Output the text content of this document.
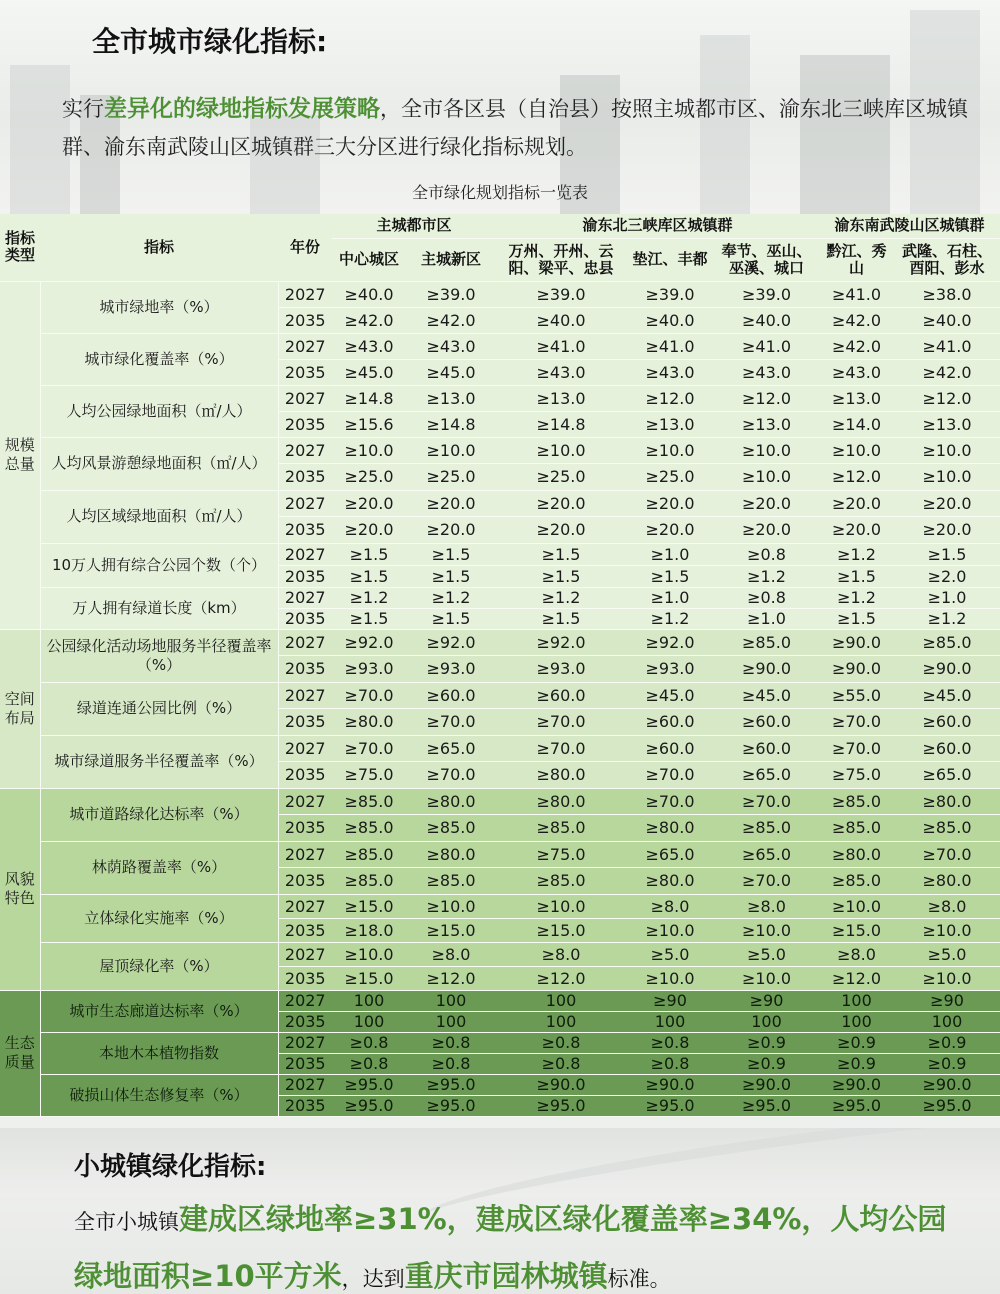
全市城市绿化指标:

实行差异化的绿地指标发展策略，全市各区县（自治县）按照主城都市区、渝东北三峡库区城镇群、渝东南武陵山区城镇群三大分区进行绿化指标规划。

全市绿化规划指标一览表
指标类型	指标	年份	主城都市区		渝东北三峡库区城镇群			渝东南武陵山区城镇群	
			中心城区	主城新区	万州、开州、云阳、梁平、忠县	垫江、丰都	奉节、巫山、巫溪、城口	黔江、秀山	武隆、石柱、酉阳、彭水
规模总量	城市绿地率（%）	2027	≥40.0	≥39.0	≥39.0	≥39.0	≥39.0	≥41.0	≥38.0
		2035	≥42.0	≥42.0	≥40.0	≥40.0	≥40.0	≥42.0	≥40.0
	城市绿化覆盖率（%）	2027	≥43.0	≥43.0	≥41.0	≥41.0	≥41.0	≥42.0	≥41.0
		2035	≥45.0	≥45.0	≥43.0	≥43.0	≥43.0	≥43.0	≥42.0
	人均公园绿地面积（㎡/人）	2027	≥14.8	≥13.0	≥13.0	≥12.0	≥12.0	≥13.0	≥12.0
		2035	≥15.6	≥14.8	≥14.8	≥13.0	≥13.0	≥14.0	≥13.0
	人均风景游憩绿地面积（㎡/人）	2027	≥10.0	≥10.0	≥10.0	≥10.0	≥10.0	≥10.0	≥10.0
		2035	≥25.0	≥25.0	≥25.0	≥25.0	≥10.0	≥12.0	≥10.0
	人均区域绿地面积（㎡/人）	2027	≥20.0	≥20.0	≥20.0	≥20.0	≥20.0	≥20.0	≥20.0
		2035	≥20.0	≥20.0	≥20.0	≥20.0	≥20.0	≥20.0	≥20.0
	10万人拥有综合公园个数（个）	2027	≥1.5	≥1.5	≥1.5	≥1.0	≥0.8	≥1.2	≥1.5
		2035	≥1.5	≥1.5	≥1.5	≥1.5	≥1.2	≥1.5	≥2.0
	万人拥有绿道长度（km）	2027	≥1.2	≥1.2	≥1.2	≥1.0	≥0.8	≥1.2	≥1.0
		2035	≥1.5	≥1.5	≥1.5	≥1.2	≥1.0	≥1.5	≥1.2
空间布局	公园绿化活动场地服务半径覆盖率（%）	2027	≥92.0	≥92.0	≥92.0	≥92.0	≥85.0	≥90.0	≥85.0
		2035	≥93.0	≥93.0	≥93.0	≥93.0	≥90.0	≥90.0	≥90.0
	绿道连通公园比例（%）	2027	≥70.0	≥60.0	≥60.0	≥45.0	≥45.0	≥55.0	≥45.0
		2035	≥80.0	≥70.0	≥70.0	≥60.0	≥60.0	≥70.0	≥60.0
	城市绿道服务半径覆盖率（%）	2027	≥70.0	≥65.0	≥70.0	≥60.0	≥60.0	≥70.0	≥60.0
		2035	≥75.0	≥70.0	≥80.0	≥70.0	≥65.0	≥75.0	≥65.0
风貌特色	城市道路绿化达标率（%）	2027	≥85.0	≥80.0	≥80.0	≥70.0	≥70.0	≥85.0	≥80.0
		2035	≥85.0	≥85.0	≥85.0	≥80.0	≥85.0	≥85.0	≥85.0
	林荫路覆盖率（%）	2027	≥85.0	≥80.0	≥75.0	≥65.0	≥65.0	≥80.0	≥70.0
		2035	≥85.0	≥85.0	≥85.0	≥80.0	≥70.0	≥85.0	≥80.0
	立体绿化实施率（%）	2027	≥15.0	≥10.0	≥10.0	≥8.0	≥8.0	≥10.0	≥8.0
		2035	≥18.0	≥15.0	≥15.0	≥10.0	≥10.0	≥15.0	≥10.0
	屋顶绿化率（%）	2027	≥10.0	≥8.0	≥8.0	≥5.0	≥5.0	≥8.0	≥5.0
		2035	≥15.0	≥12.0	≥12.0	≥10.0	≥10.0	≥12.0	≥10.0
生态质量	城市生态廊道达标率（%）	2027	100	100	100	≥90	≥90	100	≥90
		2035	100	100	100	100	100	100	100
	本地木本植物指数	2027	≥0.8	≥0.8	≥0.8	≥0.8	≥0.9	≥0.9	≥0.9
		2035	≥0.8	≥0.8	≥0.8	≥0.8	≥0.9	≥0.9	≥0.9
	破损山体生态修复率（%）	2027	≥95.0	≥95.0	≥90.0	≥90.0	≥90.0	≥90.0	≥90.0
		2035	≥95.0	≥95.0	≥95.0	≥95.0	≥95.0	≥95.0	≥95.0
小城镇绿化指标:

全市小城镇建成区绿地率≥31%，建成区绿化覆盖率≥34%，人均公园绿地面积≥10平方米，达到重庆市园林城镇标准。
